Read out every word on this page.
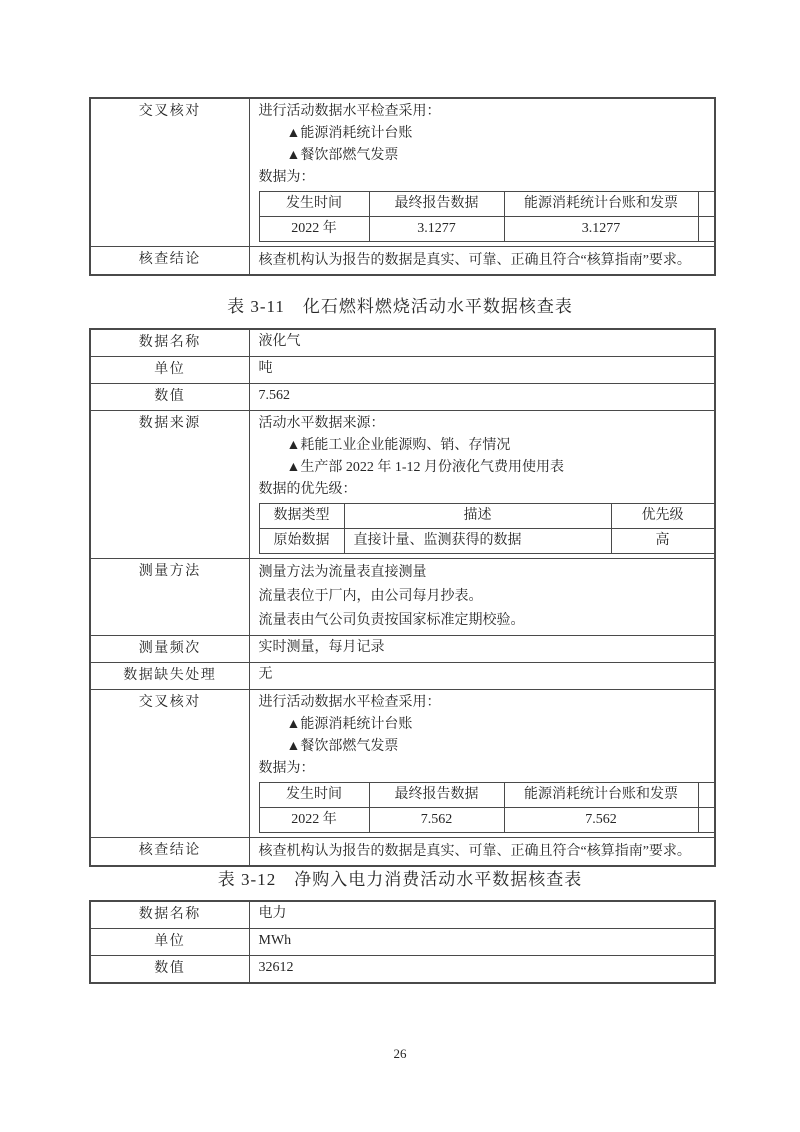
交叉核对	进行活动数据水平检查采用：
▲能源消耗统计台账
▲餐饮部燃气发票
数据为：
发生时间	最终报告数据	能源消耗统计台账和发票	
2022 年	3.1277	3.1277	

核查结论	核查机构认为报告的数据是真实、可靠、正确且符合“核算指南”要求。
表 3-11　化石燃料燃烧活动水平数据核查表
数据名称	液化气
单位	吨
数值	7.562
数据来源	活动水平数据来源：
▲耗能工业企业能源购、销、存情况
▲生产部 2022 年 1-12 月份液化气费用使用表
数据的优先级：
数据类型	描述	优先级
原始数据	直接计量、监测获得的数据	高

测量方法	测量方法为流量表直接测量
流量表位于厂内，由公司每月抄表。
流量表由气公司负责按国家标准定期校验。

测量频次	实时测量，每月记录
数据缺失处理	无
交叉核对	进行活动数据水平检查采用：
▲能源消耗统计台账
▲餐饮部燃气发票
数据为：
发生时间	最终报告数据	能源消耗统计台账和发票	
2022 年	7.562	7.562	

核查结论	核查机构认为报告的数据是真实、可靠、正确且符合“核算指南”要求。
表 3-12　净购入电力消费活动水平数据核查表
数据名称	电力
单位	MWh
数值	32612
26
